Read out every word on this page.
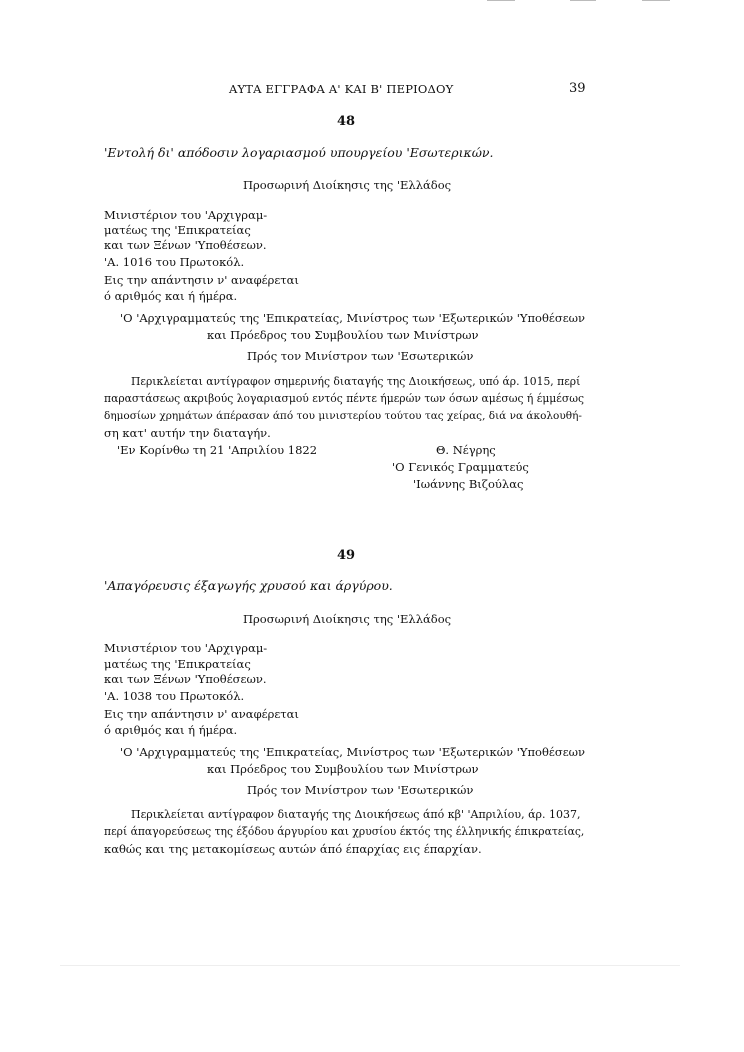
ΑΥΤΑ ΕΓΓΡΑΦΑ Α' ΚΑΙ Β' ΠΕΡΙΟΔΟΥ	39
48
'Εντολή δι' απόδοσιν λογαριασμού υπουργείου 'Εσωτερικών.
Προσωρινή Διοίκησις της 'Ελλάδος
Μινιστέριον του 'Αρχιγραμ-
ματέως της 'Επικρατείας
και των Ξένων 'Υποθέσεων.
'Α. 1016 του Πρωτοκόλ.
Εις την απάντησιν ν' αναφέρεται
ό αριθμός και ή ήμέρα.
'Ο 'Αρχιγραμματεύς της 'Επικρατείας, Μινίστρος των 'Εξωτερικών 'Υποθέσεων
και Πρόεδρος του Συμβουλίου των Μινίστρων
Πρός τον Μινίστρον των 'Εσωτερικών
Περικλείεται αντίγραφον σημερινής διαταγής της Διοικήσεως, υπό άρ. 1015, περί
παραστάσεως ακριβούς λογαριασμού εντός πέντε ήμερών των όσων αμέσως ή έμμέσως
δημοσίων χρημάτων άπέρασαν άπό του μινιστερίου τούτου τας χείρας, διά να άκολουθή-
ση κατ' αυτήν την διαταγήν.
'Εν Κορίνθω τη 21 'Απριλίου 1822	Θ. Νέγρης
'Ο Γενικός Γραμματεύς
'Ιωάννης Βιζούλας
49
'Απαγόρευσις έξαγωγής χρυσού και άργύρου.
Προσωρινή Διοίκησις της 'Ελλάδος
Μινιστέριον του 'Αρχιγραμ-
ματέως της 'Επικρατείας
και των Ξένων 'Υποθέσεων.
'Α. 1038 του Πρωτοκόλ.
Εις την απάντησιν ν' αναφέρεται
ό αριθμός και ή ήμέρα.
'Ο 'Αρχιγραμματεύς της 'Επικρατείας, Μινίστρος των 'Εξωτερικών 'Υποθέσεων
και Πρόεδρος του Συμβουλίου των Μινίστρων
Πρός τον Μινίστρον των 'Εσωτερικών
Περικλείεται αντίγραφον διαταγής της Διοικήσεως άπό κβ' 'Απριλίου, άρ. 1037,
περί άπαγορεύσεως της έξόδου άργυρίου και χρυσίου έκτός της έλληνικής έπικρατείας,
καθώς και της μετακομίσεως αυτών άπό έπαρχίας εις έπαρχίαν.
